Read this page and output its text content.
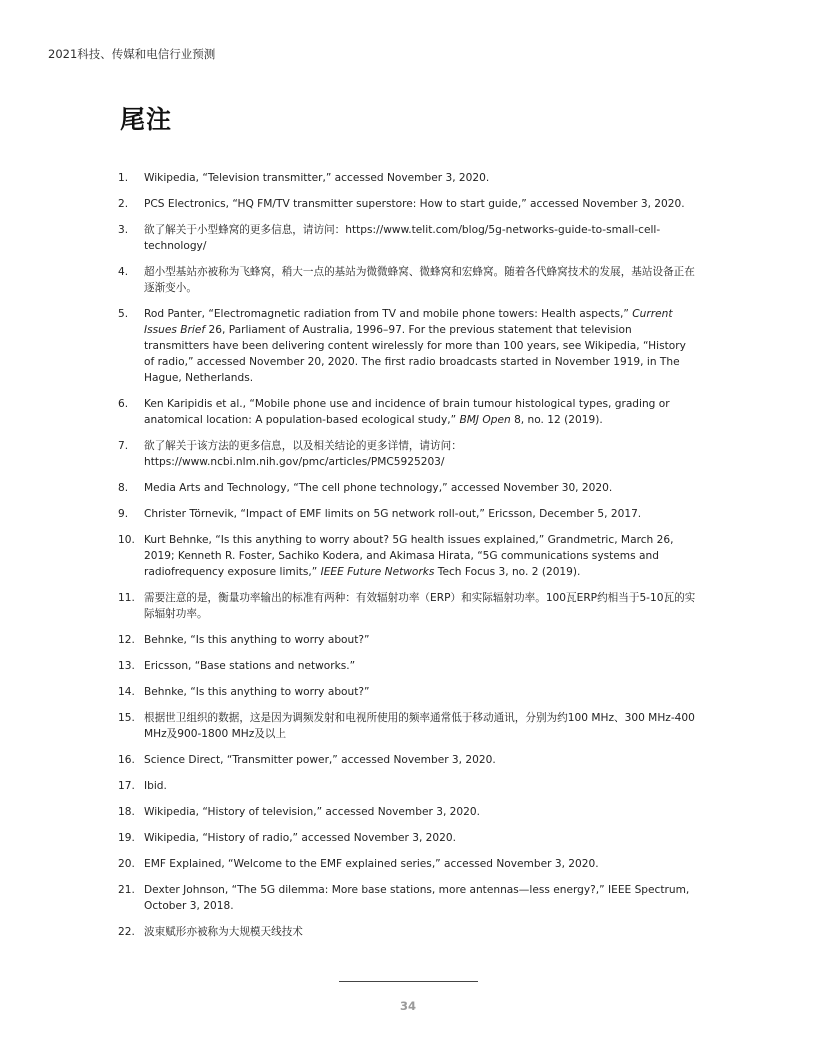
2021科技、传媒和电信行业预测
尾注
1.	Wikipedia, “Television transmitter,” accessed November 3, 2020.
2.	PCS Electronics, “HQ FM/TV transmitter superstore: How to start guide,” accessed November 3, 2020.
3.	欲了解关于小型蜂窝的更多信息，请访问：https://www.telit.com/blog/5g-networks-guide-to-small-cell-technology/
4.	超小型基站亦被称为飞蜂窝，稍大一点的基站为微微蜂窝、微蜂窝和宏蜂窝。随着各代蜂窝技术的发展，基站设备正在逐渐变小。
5.	Rod Panter, “Electromagnetic radiation from TV and mobile phone towers: Health aspects,” Current Issues Brief 26, Parliament of Australia, 1996–97. For the previous statement that television transmitters have been delivering content wirelessly for more than 100 years, see Wikipedia, “History of radio,” accessed November 20, 2020. The first radio broadcasts started in November 1919, in The Hague, Netherlands.
6.	Ken Karipidis et al., “Mobile phone use and incidence of brain tumour histological types, grading or anatomical location: A population-based ecological study,” BMJ Open 8, no. 12 (2019).
7.	欲了解关于该方法的更多信息，以及相关结论的更多详情，请访问：https://www.ncbi.nlm.nih.gov/pmc/articles/PMC5925203/
8.	Media Arts and Technology, “The cell phone technology,” accessed November 30, 2020.
9.	Christer Törnevik, “Impact of EMF limits on 5G network roll-out,” Ericsson, December 5, 2017.
10. Kurt Behnke, “Is this anything to worry about? 5G health issues explained,” Grandmetric, March 26, 2019; Kenneth R. Foster, Sachiko Kodera, and Akimasa Hirata, “5G communications systems and radiofrequency exposure limits,” IEEE Future Networks Tech Focus 3, no. 2 (2019).
11. 需要注意的是，衡量功率输出的标准有两种：有效辐射功率（ERP）和实际辐射功率。100瓦ERP约相当于5-10瓦的实际辐射功率。
12. Behnke, “Is this anything to worry about?”
13. Ericsson, “Base stations and networks.”
14. Behnke, “Is this anything to worry about?”
15. 根据世卫组织的数据，这是因为调频发射和电视所使用的频率通常低于移动通讯，分别为约100 MHz、300 MHz-400 MHz及900-1800 MHz及以上
16. Science Direct, “Transmitter power,” accessed November 3, 2020.
17. Ibid.
18. Wikipedia, “History of television,” accessed November 3, 2020.
19. Wikipedia, “History of radio,” accessed November 3, 2020.
20. EMF Explained, “Welcome to the EMF explained series,” accessed November 3, 2020.
21. Dexter Johnson, “The 5G dilemma: More base stations, more antennas—less energy?,” IEEE Spectrum, October 3, 2018.
22. 波束赋形亦被称为大规模天线技术
34
